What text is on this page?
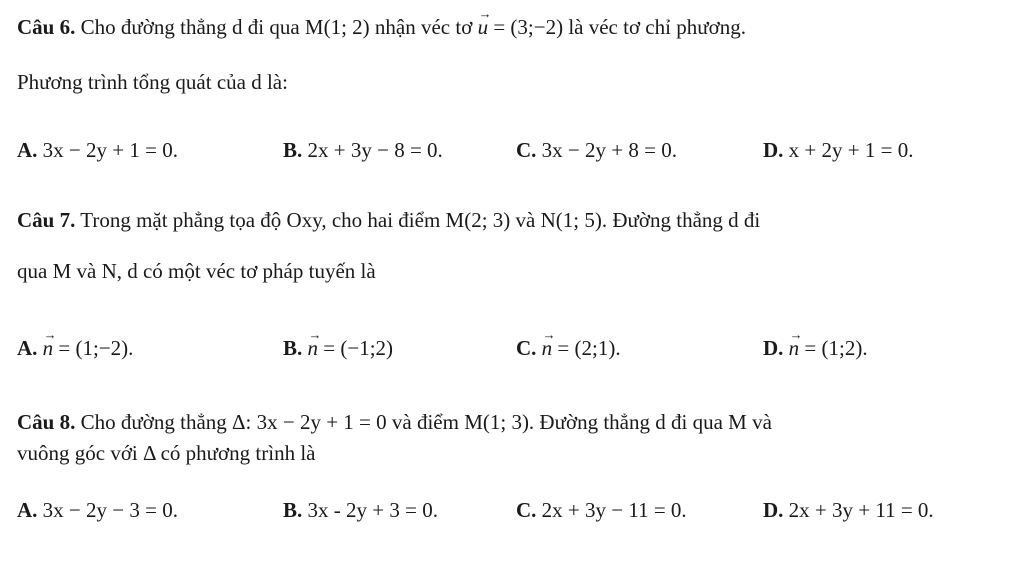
Câu 6. Cho đường thẳng d đi qua M(1; 2) nhận véc tơ → u = (3;−2) là véc tơ chỉ phương.
Phương trình tổng quát của d là:
A. 3x − 2y + 1 = 0.	B. 2x + 3y − 8 = 0.	C. 3x − 2y + 8 = 0.	D. x + 2y + 1 = 0.
Câu 7. Trong mặt phẳng tọa độ Oxy, cho hai điểm M(2; 3) và N(1; 5). Đường thẳng d đi
qua M và N, d có một véc tơ pháp tuyến là
A. → n = (1;−2).	B. → n = (−1;2)	C. → n = (2;1).	D. → n = (1;2).
Câu 8. Cho đường thẳng Δ: 3x − 2y + 1 = 0 và điểm M(1; 3). Đường thẳng d đi qua M và
vuông góc với Δ có phương trình là
A. 3x − 2y − 3 = 0.	B. 3x - 2y + 3 = 0.	C. 2x + 3y − 11 = 0.	D. 2x + 3y + 11 = 0.
